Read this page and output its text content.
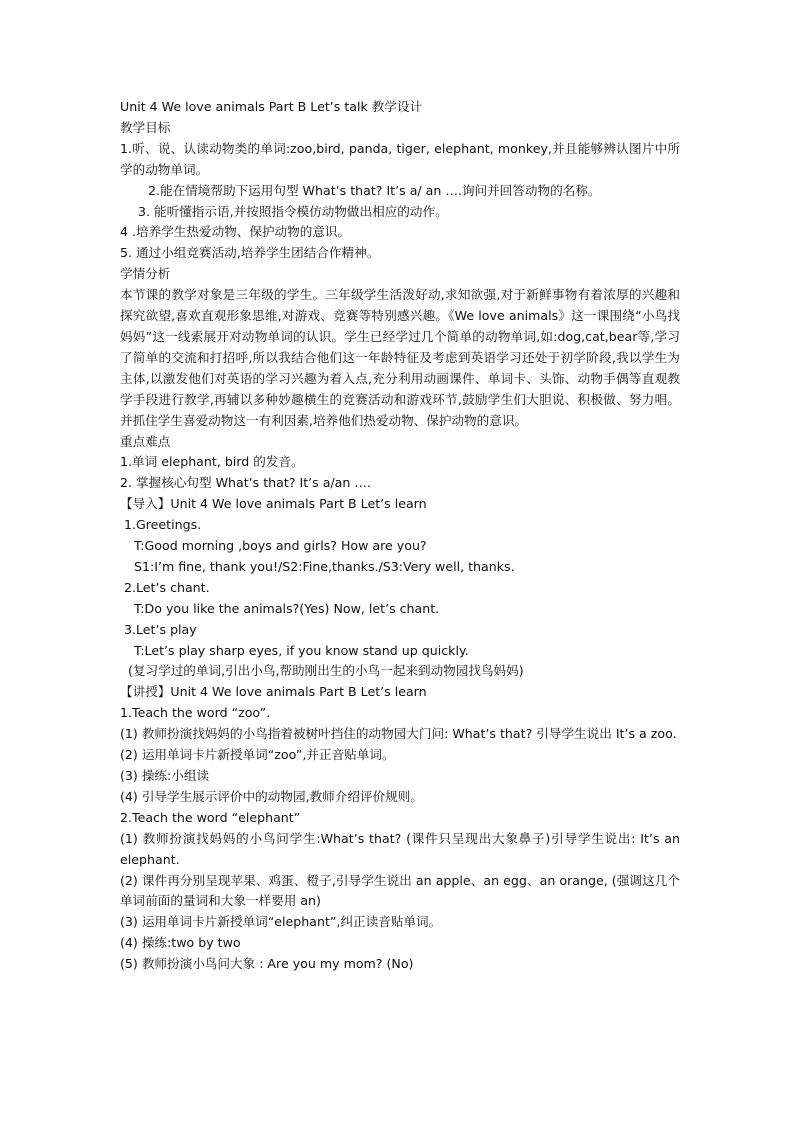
Unit 4 We love animals Part B Let’s talk 教学设计

教学目标

1.听、说、认读动物类的单词:zoo,bird, panda, tiger, elephant, monkey,并且能够辨认图片中所学的动物单词。

2.能在情境帮助下运用句型 What’s that? It’s a/ an ….询问并回答动物的名称。

3. 能听懂指示语,并按照指令模仿动物做出相应的动作。

4 .培养学生热爱动物、保护动物的意识。

5. 通过小组竞赛活动,培养学生团结合作精神。

学情分析

本节课的教学对象是三年级的学生。三年级学生活泼好动,求知欲强,对于新鲜事物有着浓厚的兴趣和探究欲望,喜欢直观形象思维,对游戏、竞赛等特别感兴趣。《We love animals》这一课围绕“小鸟找妈妈”这一线索展开对动物单词的认识。学生已经学过几个简单的动物单词,如:dog,cat,bear等,学习了简单的交流和打招呼,所以我结合他们这一年龄特征及考虑到英语学习还处于初学阶段,我以学生为主体,以激发他们对英语的学习兴趣为着入点,充分利用动画课件、单词卡、头饰、动物手偶等直观教学手段进行教学,再辅以多种妙趣横生的竞赛活动和游戏环节,鼓励学生们大胆说、积极做、努力唱。并抓住学生喜爱动物这一有利因素,培养他们热爱动物、保护动物的意识。

重点难点

1.单词 elephant, bird 的发音。

2. 掌握核心句型 What’s that? It’s a/an ….

【导入】Unit 4 We love animals Part B Let’s learn

1.Greetings.

T:Good morning ,boys and girls? How are you?

S1:I’m fine, thank you!/S2:Fine,thanks./S3:Very well, thanks.

2.Let’s chant.

T:Do you like the animals?(Yes) Now, let’s chant.

3.Let’s play

T:Let’s play sharp eyes, if you know stand up quickly.

(复习学过的单词,引出小鸟,帮助刚出生的小鸟一起来到动物园找鸟妈妈)

【讲授】Unit 4 We love animals Part B Let’s learn

1.Teach the word “zoo”.

(1) 教师扮演找妈妈的小鸟指着被树叶挡住的动物园大门问: What’s that? 引导学生说出 It’s a zoo.

(2) 运用单词卡片新授单词“zoo”,并正音贴单词。

(3) 操练:小组读

(4) 引导学生展示评价中的动物园,教师介绍评价规则。

2.Teach the word “elephant”

(1) 教师扮演找妈妈的小鸟问学生:What’s that? (课件只呈现出大象鼻子)引导学生说出: It’s an elephant.

(2) 课件再分别呈现苹果、鸡蛋、橙子,引导学生说出 an apple、an egg、an orange, (强调这几个单词前面的量词和大象一样要用 an)

(3) 运用单词卡片新授单词“elephant”,纠正读音贴单词。

(4) 操练:two by two

(5) 教师扮演小鸟问大象 : Are you my mom? (No)
